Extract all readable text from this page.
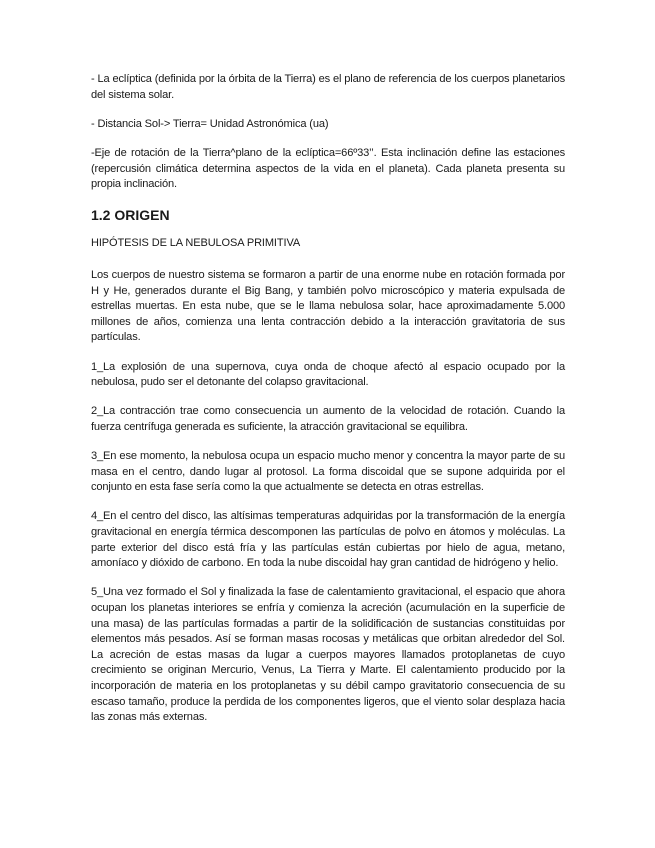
- La eclíptica (definida por la órbita de la Tierra) es el plano de referencia de los cuerpos planetarios del sistema solar.

- Distancia Sol-> Tierra= Unidad Astronómica (ua)

-Eje de rotación de la Tierra^plano de la eclíptica=66º33’’. Esta inclinación define las estaciones (repercusión climática determina aspectos de la vida en el planeta). Cada planeta presenta su propia inclinación.

1.2 ORIGEN
HIPÓTESIS DE LA NEBULOSA PRIMITIVA

Los cuerpos de nuestro sistema se formaron a partir de una enorme nube en rotación formada por H y He, generados durante el Big Bang, y también polvo microscópico y materia expulsada de estrellas muertas. En esta nube, que se le llama nebulosa solar, hace aproximadamente 5.000 millones de años, comienza una lenta contracción debido a la interacción gravitatoria de sus partículas.

1_La explosión de una supernova, cuya onda de choque afectó al espacio ocupado por la nebulosa, pudo ser el detonante del colapso gravitacional.

2_La contracción trae como consecuencia un aumento de la velocidad de rotación. Cuando la fuerza centrífuga generada es suficiente, la atracción gravitacional se equilibra.

3_En ese momento, la nebulosa ocupa un espacio mucho menor y concentra la mayor parte de su masa en el centro, dando lugar al protosol. La forma discoidal que se supone adquirida por el conjunto en esta fase sería como la que actualmente se detecta en otras estrellas.

4_En el centro del disco, las altísimas temperaturas adquiridas por la transformación de la energía gravitacional en energía térmica descomponen las partículas de polvo en átomos y moléculas. La parte exterior del disco está fría y las partículas están cubiertas por hielo de agua, metano, amoníaco y dióxido de carbono. En toda la nube discoidal hay gran cantidad de hidrógeno y helio.

5_Una vez formado el Sol y finalizada la fase de calentamiento gravitacional, el espacio que ahora ocupan los planetas interiores se enfría y comienza la acreción (acumulación en la superficie de una masa) de las partículas formadas a partir de la solidificación de sustancias constituidas por elementos más pesados. Así se forman masas rocosas y metálicas que orbitan alrededor del Sol. La acreción de estas masas da lugar a cuerpos mayores llamados protoplanetas de cuyo crecimiento se originan Mercurio, Venus, La Tierra y Marte. El calentamiento producido por la incorporación de materia en los protoplanetas y su débil campo gravitatorio consecuencia de su escaso tamaño, produce la perdida de los componentes ligeros, que el viento solar desplaza hacia las zonas más externas.
